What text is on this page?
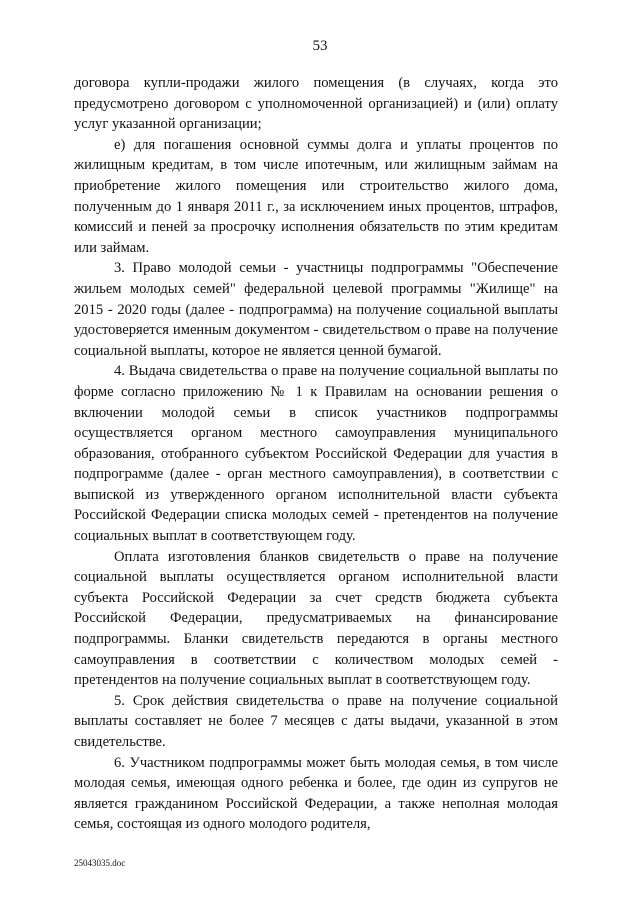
53

договора купли-продажи жилого помещения (в случаях, когда это предусмотрено договором с уполномоченной организацией) и (или) оплату услуг указанной организации;

е) для погашения основной суммы долга и уплаты процентов по жилищным кредитам, в том числе ипотечным, или жилищным займам на приобретение жилого помещения или строительство жилого дома, полученным до 1 января 2011 г., за исключением иных процентов, штрафов, комиссий и пеней за просрочку исполнения обязательств по этим кредитам или займам.

3. Право молодой семьи - участницы подпрограммы "Обеспечение жильем молодых семей" федеральной целевой программы "Жилище" на 2015 - 2020 годы (далее - подпрограмма) на получение социальной выплаты удостоверяется именным документом - свидетельством о праве на получение социальной выплаты, которое не является ценной бумагой.

4. Выдача свидетельства о праве на получение социальной выплаты по форме согласно приложению № 1 к Правилам на основании решения о включении молодой семьи в список участников подпрограммы осуществляется органом местного самоуправления муниципального образования, отобранного субъектом Российской Федерации для участия в подпрограмме (далее - орган местного самоуправления), в соответствии с выпиской из утвержденного органом исполнительной власти субъекта Российской Федерации списка молодых семей - претендентов на получение социальных выплат в соответствующем году.

Оплата изготовления бланков свидетельств о праве на получение социальной выплаты осуществляется органом исполнительной власти субъекта Российской Федерации за счет средств бюджета субъекта Российской Федерации, предусматриваемых на финансирование подпрограммы. Бланки свидетельств передаются в органы местного самоуправления в соответствии с количеством молодых семей - претендентов на получение социальных выплат в соответствующем году.

5. Срок действия свидетельства о праве на получение социальной выплаты составляет не более 7 месяцев с даты выдачи, указанной в этом свидетельстве.

6. Участником подпрограммы может быть молодая семья, в том числе молодая семья, имеющая одного ребенка и более, где один из супругов не является гражданином Российской Федерации, а также неполная молодая семья, состоящая из одного молодого родителя,

25043035.doc
